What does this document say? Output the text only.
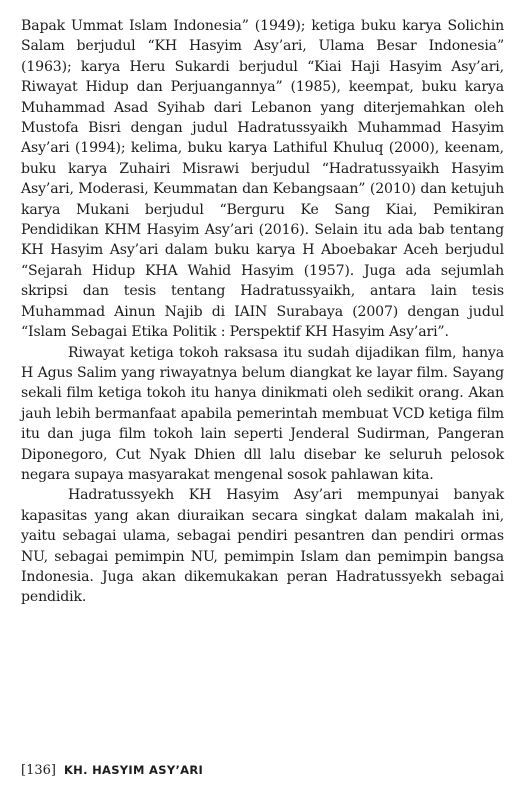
Bapak Ummat Islam Indonesia” (1949); ketiga buku karya Solichin Salam berjudul “KH Hasyim Asy’ari, Ulama Besar Indonesia” (1963); karya Heru Sukardi berjudul “Kiai Haji Hasyim Asy’ari, Riwayat Hidup dan Perjuangannya” (1985), keempat, buku karya Muhammad Asad Syihab dari Lebanon yang diterjemahkan oleh Mustofa Bisri dengan judul Hadratussyaikh Muhammad Hasyim Asy’ari (1994); kelima, buku karya Lathiful Khuluq (2000), keenam, buku karya Zuhairi Misrawi berjudul “Hadratussyaikh Hasyim Asy’ari, Moderasi, Keummatan dan Kebangsaan” (2010) dan ketujuh karya Mukani berjudul “Berguru Ke Sang Kiai, Pemikiran Pendidikan KHM Hasyim Asy’ari (2016). Selain itu ada bab tentang KH Hasyim Asy’ari dalam buku karya H Aboebakar Aceh berjudul “Sejarah Hidup KHA Wahid Hasyim (1957). Juga ada sejumlah skripsi dan tesis tentang Hadratussyaikh, antara lain tesis Muhammad Ainun Najib di IAIN Surabaya (2007) dengan judul “Islam Sebagai Etika Politik : Perspektif KH Hasyim Asy’ari”.

Riwayat ketiga tokoh raksasa itu sudah dijadikan film, hanya H Agus Salim yang riwayatnya belum diangkat ke layar film. Sayang sekali film ketiga tokoh itu hanya dinikmati oleh sedikit orang. Akan jauh lebih bermanfaat apabila pemerintah membuat VCD ketiga film itu dan juga film tokoh lain seperti Jenderal Sudirman, Pangeran Diponegoro, Cut Nyak Dhien dll lalu disebar ke seluruh pelosok negara supaya masyarakat mengenal sosok pahlawan kita.

Hadratussyekh KH Hasyim Asy’ari mempunyai banyak kapasitas yang akan diuraikan secara singkat dalam makalah ini, yaitu sebagai ulama, sebagai pendiri pesantren dan pendiri ormas NU, sebagai pemimpin NU, pemimpin Islam dan pemimpin bangsa Indonesia. Juga akan dikemukakan peran Hadratussyekh sebagai pendidik.

[136] KH. HASYIM ASY’ARI
